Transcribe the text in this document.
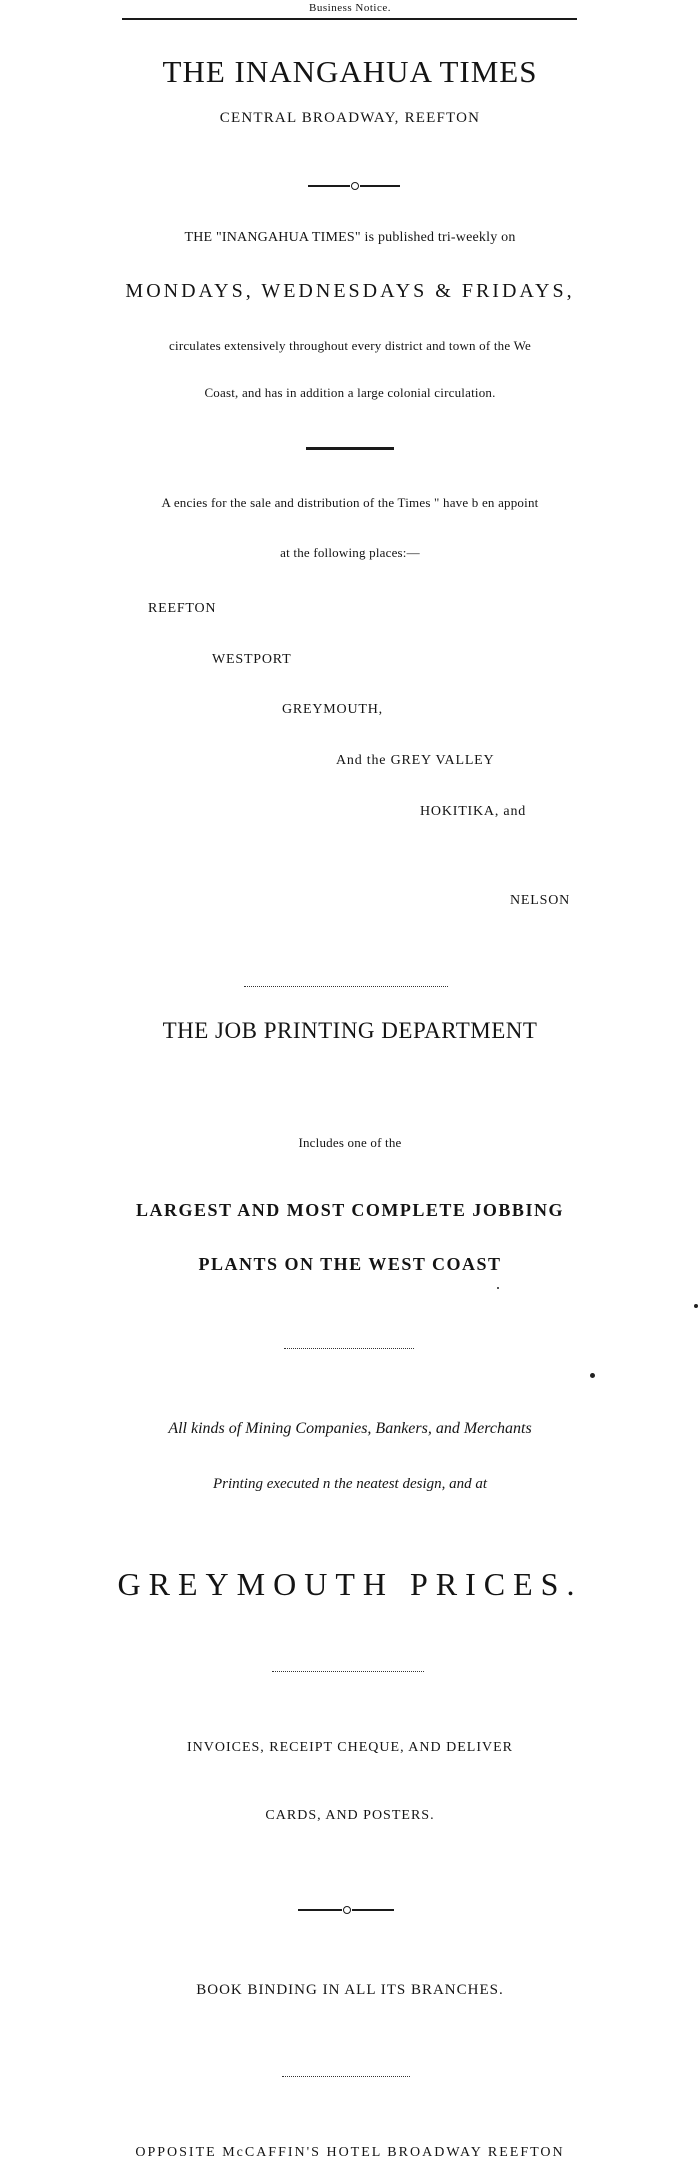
Business Notice.
THE INANGAHUA TIMES
CENTRAL BROADWAY, REEFTON
THE "INANGAHUA TIMES" is published tri-weekly on
MONDAYS, WEDNESDAYS & FRIDAYS,
circulates extensively throughout every district and town of the We
Coast, and has in addition a large colonial circulation.
A encies for the sale and distribution of the Times " have b en appoint
at the following places:—
REEFTON
WESTPORT
GREYMOUTH,
And the GREY VALLEY
HOKITIKA, and
NELSON
THE JOB PRINTING DEPARTMENT
Includes one of the
LARGEST AND MOST COMPLETE JOBBING
PLANTS ON THE WEST COAST
All kinds of Mining Companies, Bankers, and Merchants
Printing executed n the neatest design, and at
GREYMOUTH PRICES.
INVOICES, RECEIPT CHEQUE, AND DELIVER
CARDS, AND POSTERS.
BOOK BINDING IN ALL ITS BRANCHES.
OPPOSITE McCAFFIN'S HOTEL BROADWAY REEFTON
